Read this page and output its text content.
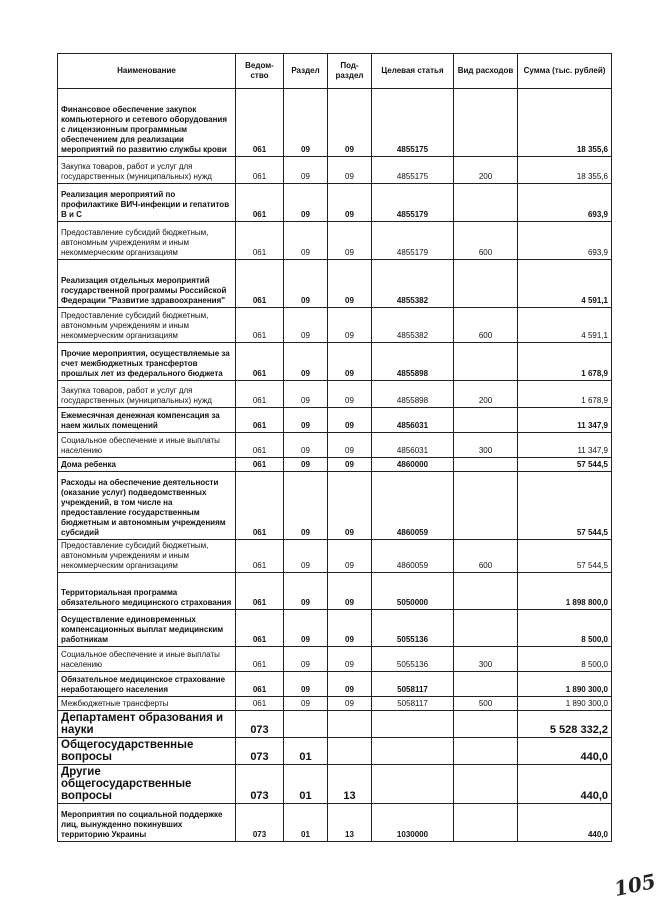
Наименование	Ведом-ство	Раздел	Под-раздел	Целевая статья	Вид расходов	Сумма (тыс. рублей)
Финансовое обеспечение закупок компьютерного и сетевого оборудования с лицензионным программным обеспечением для реализации мероприятий по развитию службы крови	061	09	09	4855175		18 355,6
Закупка товаров, работ и услуг для государственных (муниципальных) нужд	061	09	09	4855175	200	18 355,6
Реализация мероприятий по профилактике ВИЧ-инфекции и гепатитов В и С	061	09	09	4855179		693,9
Предоставление субсидий бюджетным, автономным учреждениям и иным некоммерческим организациям	061	09	09	4855179	600	693,9
Реализация отдельных мероприятий государственной программы Российской Федерации "Развитие здравоохранения"	061	09	09	4855382		4 591,1
Предоставление субсидий бюджетным, автономным учреждениям и иным некоммерческим организациям	061	09	09	4855382	600	4 591,1
Прочие мероприятия, осуществляемые за счет межбюджетных трансфертов прошлых лет из федерального бюджета	061	09	09	4855898		1 678,9
Закупка товаров, работ и услуг для государственных (муниципальных) нужд	061	09	09	4855898	200	1 678,9
Ежемесячная денежная компенсация за наем жилых помещений	061	09	09	4856031		11 347,9
Социальное обеспечение и иные выплаты населению	061	09	09	4856031	300	11 347,9
Дома ребенка	061	09	09	4860000		57 544,5
Расходы на обеспечение деятельности (оказание услуг) подведомственных учреждений, в том числе на предоставление государственным бюджетным и автономным учреждениям субсидий	061	09	09	4860059		57 544,5
Предоставление субсидий бюджетным, автономным учреждениям и иным некоммерческим организациям	061	09	09	4860059	600	57 544,5
Территориальная программа обязательного медицинского страхования	061	09	09	5050000		1 898 800,0
Осуществление единовременных компенсационных выплат медицинским работникам	061	09	09	5055136		8 500,0
Социальное обеспечение и иные выплаты населению	061	09	09	5055136	300	8 500,0
Обязательное медицинское страхование неработающего населения	061	09	09	5058117		1 890 300,0
Межбюджетные трансферты	061	09	09	5058117	500	1 890 300,0
Департамент образования и науки	073					5 528 332,2
Общегосударственные вопросы	073	01				440,0
Другие общегосударственные вопросы	073	01	13			440,0
Мероприятия по социальной поддержке лиц, вынужденно покинувших территорию Украины	073	01	13	1030000		440,0
105
